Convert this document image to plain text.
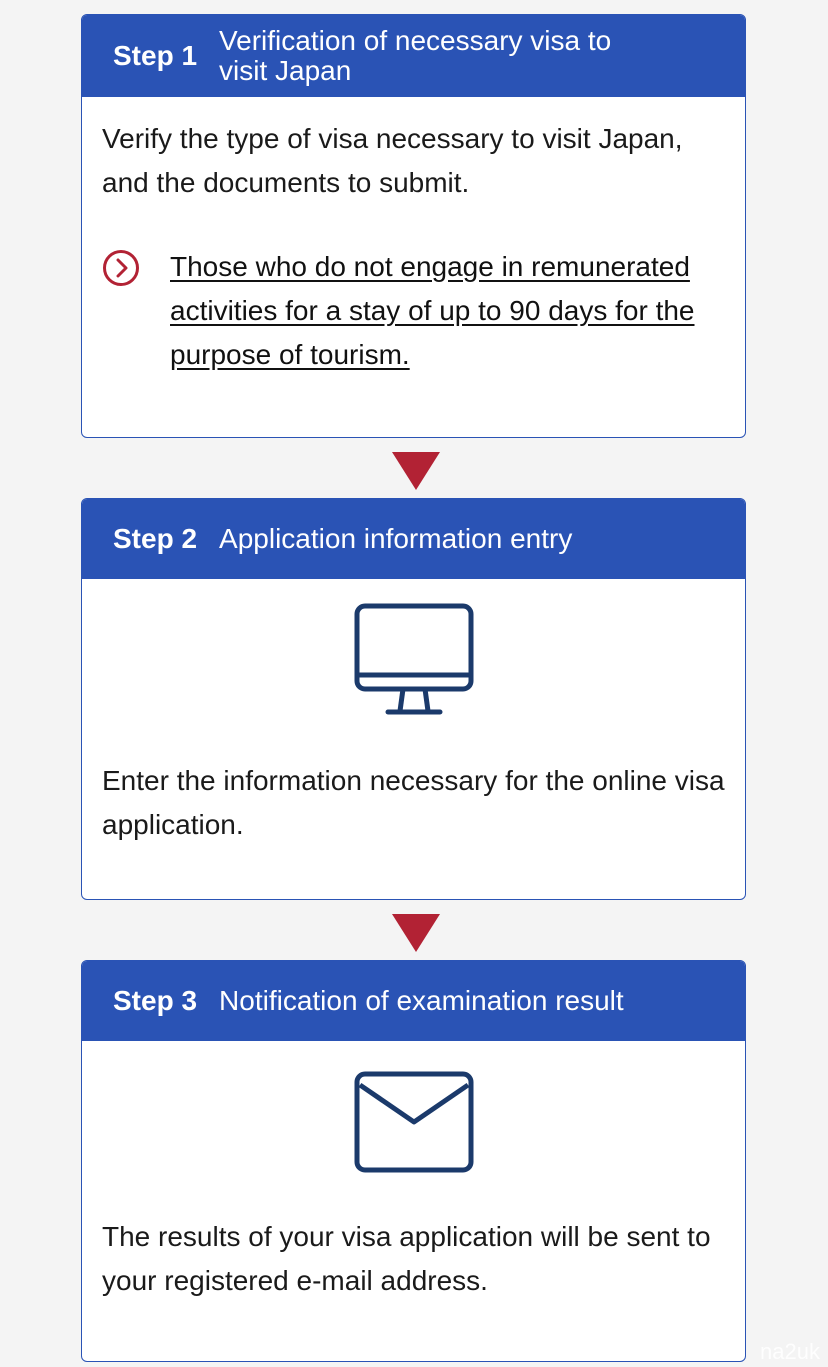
Step 1 Verification of necessary visa to visit Japan

Verify the type of visa necessary to visit Japan, and the documents to submit.

Those who do not engage in remunerated activities for a stay of up to 90 days for the purpose of tourism.
Step 2 Application information entry

Enter the information necessary for the online visa application.

Step 3 Notification of examination result

The results of your visa application will be sent to your registered e-mail address.

na2uk
